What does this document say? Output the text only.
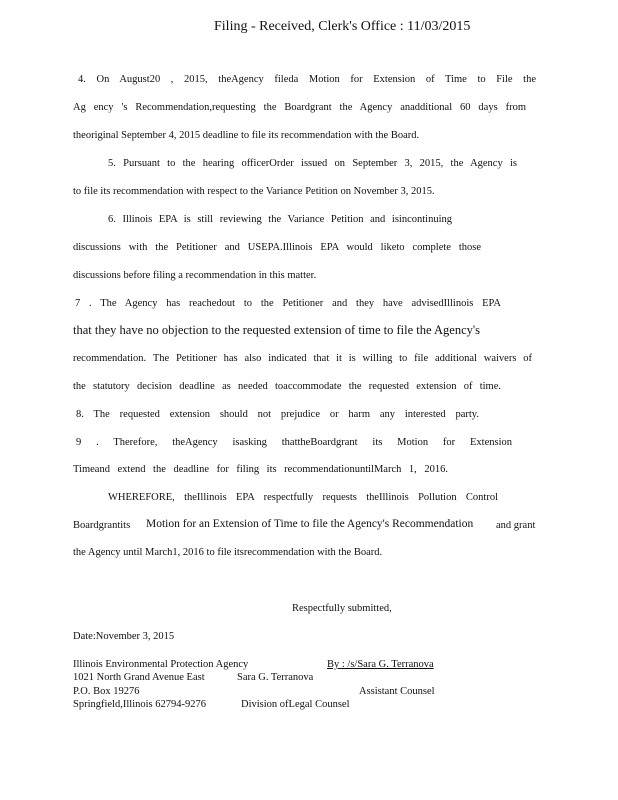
Filing - Received, Clerk's Office : 11/03/2015
4. On August20 , 2015, theAgency fileda Motion for Extension of Time to File the
Ag ency 's Recommendation,requesting the Boardgrant the Agency anadditional 60 days from
theoriginal September 4, 2015 deadline to file its recommendation with the Board.
5. Pursuant to the hearing officerOrder issued on September 3, 2015, the Agency is
to file its recommendation with respect to the Variance Petition on November 3, 2015.
6. Illinois EPA is still reviewing the Variance Petition and isincontinuing
discussions with the Petitioner and USEPA.Illinois EPA would liketo complete those
discussions before filing a recommendation in this matter.
7 . The Agency has reachedout to the Petitioner and they have advisedIllinois EPA
that they have no objection to the requested extension of time to file the Agency's
recommendation. The Petitioner has also indicated that it is willing to file additional waivers of
the statutory decision deadline as needed toaccommodate the requested extension of time.
8. The requested extension should not prejudice or harm any interested party.
9 . Therefore, theAgency isasking thattheBoardgrant its Motion for Extension
Timeand extend the deadline for filing its recommendationuntilMarch 1, 2016.
WHEREFORE, theIllinois EPA respectfully requests theIllinois Pollution Control
Boardgrantits Motion for an Extension of Time to file the Agency's Recommendation and grant
the Agency until March1, 2016 to file itsrecommendation with the Board.
Respectfully submitted,
Date:November 3, 2015
Illinois Environmental Protection Agency	By : /s/Sara G. Terranova
1021 North Grand Avenue East	Sara G. Terranova
P.O. Box 19276	Assistant Counsel
Springfield,Illinois 62794-9276	Division ofLegal Counsel
